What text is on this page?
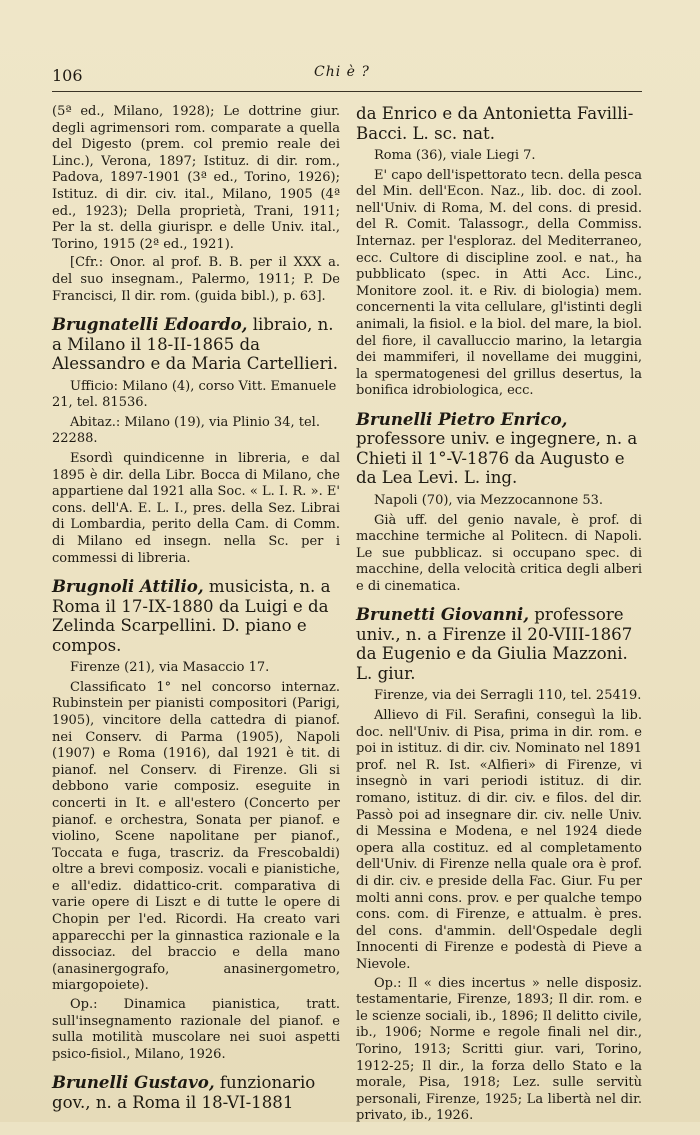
106	Chi è ?

(5ª ed., Milano, 1928); Le dottrine giur. degli agrimensori rom. comparate a quella del Digesto (prem. col premio reale dei Linc.), Verona, 1897; Istituz. di dir. rom., Padova, 1897-1901 (3ª ed., Torino, 1926); Istituz. di dir. civ. ital., Milano, 1905 (4ª ed., 1923); Della proprietà, Trani, 1911; Per la st. della giurispr. e delle Univ. ital., Torino, 1915 (2ª ed., 1921).

[Cfr.: Onor. al prof. B. B. per il XXX a. del suo insegnam., Palermo, 1911; P. De Francisci, Il dir. rom. (guida bibl.), p. 63].

Brugnatelli Edoardo, libraio, n. a Milano il 18-II-1865 da Alessandro e da Maria Cartellieri.

Ufficio: Milano (4), corso Vitt. Emanuele 21, tel. 81536.

Abitaz.: Milano (19), via Plinio 34, tel. 22288.

Esordì quindicenne in libreria, e dal 1895 è dir. della Libr. Bocca di Milano, che appartiene dal 1921 alla Soc. « L. I. R. ». E' cons. dell'A. E. L. I., pres. della Sez. Librai di Lombardia, perito della Cam. di Comm. di Milano ed insegn. nella Sc. per i commessi di libreria.

Brugnoli Attilio, musicista, n. a Roma il 17-IX-1880 da Luigi e da Zelinda Scarpellini. D. piano e compos.

Firenze (21), via Masaccio 17.

Classificato 1° nel concorso internaz. Rubinstein per pianisti compositori (Parigi, 1905), vincitore della cattedra di pianof. nei Conserv. di Parma (1905), Napoli (1907) e Roma (1916), dal 1921 è tit. di pianof. nel Conserv. di Firenze. Gli si debbono varie composiz. eseguite in concerti in It. e all'estero (Concerto per pianof. e orchestra, Sonata per pianof. e violino, Scene napolitane per pianof., Toccata e fuga, trascriz. da Frescobaldi) oltre a brevi composiz. vocali e pianistiche, e all'ediz. didattico-crit. comparativa di varie opere di Liszt e di tutte le opere di Chopin per l'ed. Ricordi. Ha creato vari apparecchi per la ginnastica razionale e la dissociaz. del braccio e della mano (anasinergografo, anasinergometro, miargopoiete).

Op.: Dinamica pianistica, tratt. sull'insegnamento razionale del pianof. e sulla motilità muscolare nei suoi aspetti psico-fisiol., Milano, 1926.

Brunelli Gustavo, funzionario gov., n. a Roma il 18-VI-1881

da Enrico e da Antonietta Favilli-Bacci. L. sc. nat.

Roma (36), viale Liegi 7.

E' capo dell'ispettorato tecn. della pesca del Min. dell'Econ. Naz., lib. doc. di zool. nell'Univ. di Roma, M. del cons. di presid. del R. Comit. Talassogr., della Commiss. Internaz. per l'esploraz. del Mediterraneo, ecc. Cultore di discipline zool. e nat., ha pubblicato (spec. in Atti Acc. Linc., Monitore zool. it. e Riv. di biologia) mem. concernenti la vita cellulare, gl'istinti degli animali, la fisiol. e la biol. del mare, la biol. del fiore, il cavalluccio marino, la letargia dei mammiferi, il novellame dei muggini, la spermatogenesi del grillus desertus, la bonifica idrobiologica, ecc.

Brunelli Pietro Enrico, professore univ. e ingegnere, n. a Chieti il 1°-V-1876 da Augusto e da Lea Levi. L. ing.

Napoli (70), via Mezzocannone 53.

Già uff. del genio navale, è prof. di macchine termiche al Politecn. di Napoli. Le sue pubblicaz. si occupano spec. di macchine, della velocità critica degli alberi e di cinematica.

Brunetti Giovanni, professore univ., n. a Firenze il 20-VIII-1867 da Eugenio e da Giulia Mazzoni. L. giur.

Firenze, via dei Serragli 110, tel. 25419.

Allievo di Fil. Serafini, conseguì la lib. doc. nell'Univ. di Pisa, prima in dir. rom. e poi in istituz. di dir. civ. Nominato nel 1891 prof. nel R. Ist. «Alfieri» di Firenze, vi insegnò in vari periodi istituz. di dir. romano, istituz. di dir. civ. e filos. del dir. Passò poi ad insegnare dir. civ. nelle Univ. di Messina e Modena, e nel 1924 diede opera alla costituz. ed al completamento dell'Univ. di Firenze nella quale ora è prof. di dir. civ. e preside della Fac. Giur. Fu per molti anni cons. prov. e per qualche tempo cons. com. di Firenze, e attualm. è pres. del cons. d'ammin. dell'Ospedale degli Innocenti di Firenze e podestà di Pieve a Nievole.

Op.: Il « dies incertus » nelle disposiz. testamentarie, Firenze, 1893; Il dir. rom. e le scienze sociali, ib., 1896; Il delitto civile, ib., 1906; Norme e regole finali nel dir., Torino, 1913; Scritti giur. vari, Torino, 1912-25; Il dir., la forza dello Stato e la morale, Pisa, 1918; Lez. sulle servitù personali, Firenze, 1925; La libertà nel dir. privato, ib., 1926.
